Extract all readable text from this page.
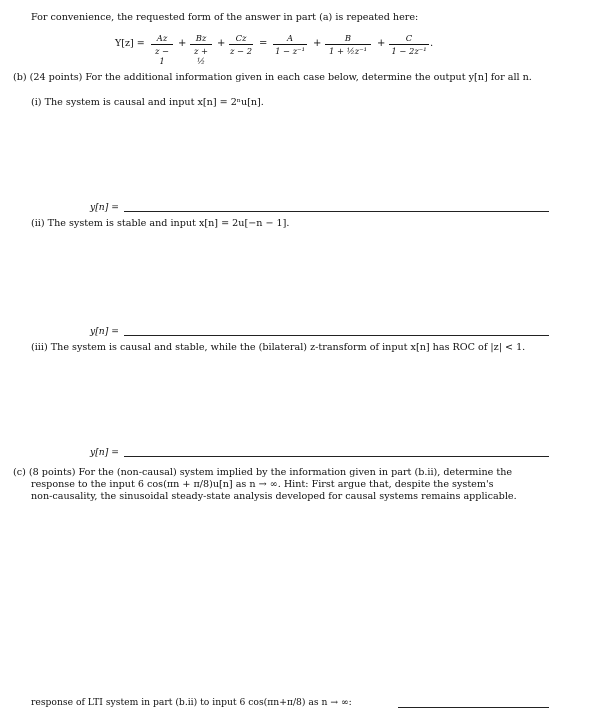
For convenience, the requested form of the answer in part (a) is repeated here:
Y[z] =	Az
z − 1
+	Bz
z + ½
+	Cz
z − 2
=	A
1 − z⁻¹
+	B
1 + ½z⁻¹
+	C
1 − 2z⁻¹
.
(b) (24 points) For the additional information given in each case below, determine the output y[n] for all n.
(i) The system is causal and input x[n] = 2ⁿu[n].
y[n] =
(ii) The system is stable and input x[n] = 2u[−n − 1].
y[n] =
(iii) The system is causal and stable, while the (bilateral) z-transform of input x[n] has ROC of |z| < 1.
y[n] =
(c) (8 points) For the (non-causal) system implied by the information given in part (b.ii), determine the
response to the input 6 cos(πn + π/8)u[n] as n → ∞. Hint: First argue that, despite the system's
non-causality, the sinusoidal steady-state analysis developed for causal systems remains applicable.
response of LTI system in part (b.ii) to input 6 cos(πn+π/8) as n → ∞:
